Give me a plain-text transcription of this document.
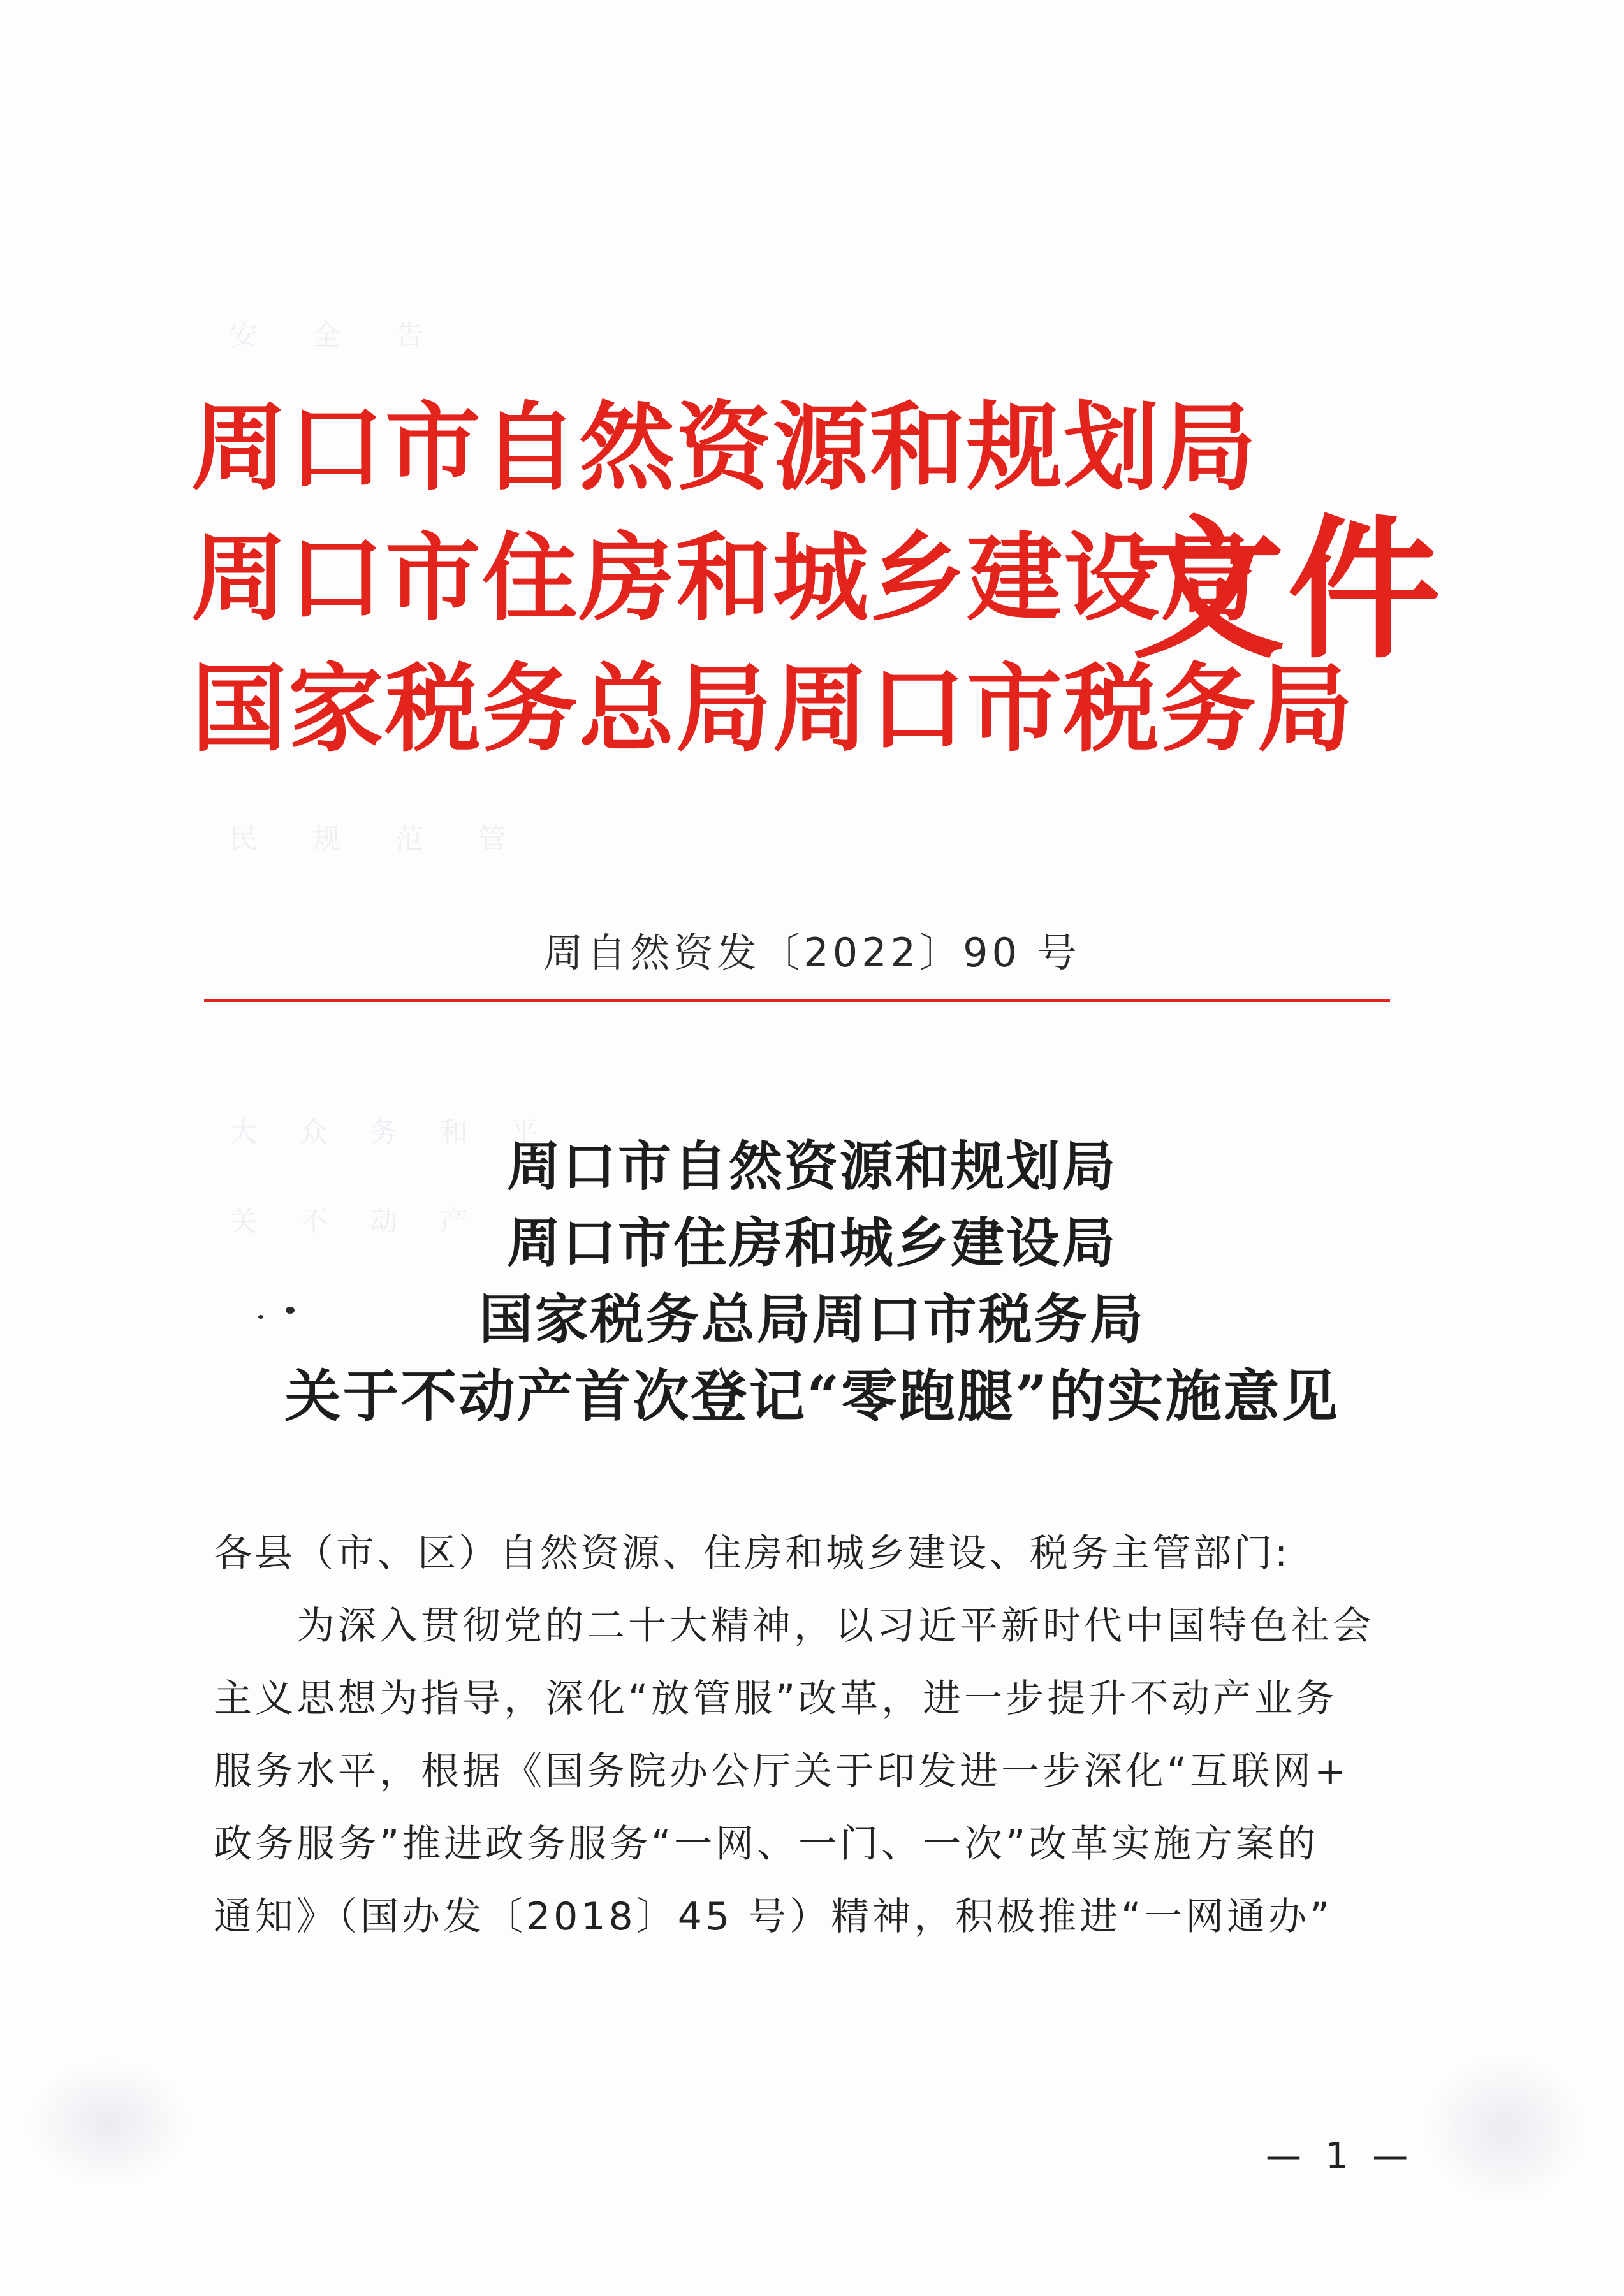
安    全    告
民    规    范    管
大   众   务   和   平
关   不   动   产
周口市自然资源和规划局
周口市住房和城乡建设局
国家税务总局周口市税务局
文件
周自然资发〔2022〕90 号
周口市自然资源和规划局
周口市住房和城乡建设局
国家税务总局周口市税务局
关于不动产首次登记“零跑腿”的实施意见
各县（市、区）自然资源、住房和城乡建设、税务主管部门:
为深入贯彻党的二十大精神，以习近平新时代中国特色社会
主义思想为指导，深化“放管服”改革，进一步提升不动产业务
服务水平，根据《国务院办公厅关于印发进一步深化“互联网+
政务服务”推进政务服务“一网、一门、一次”改革实施方案的
通知》（国办发〔2018〕45 号）精神，积极推进“一网通办”
— 1 —
